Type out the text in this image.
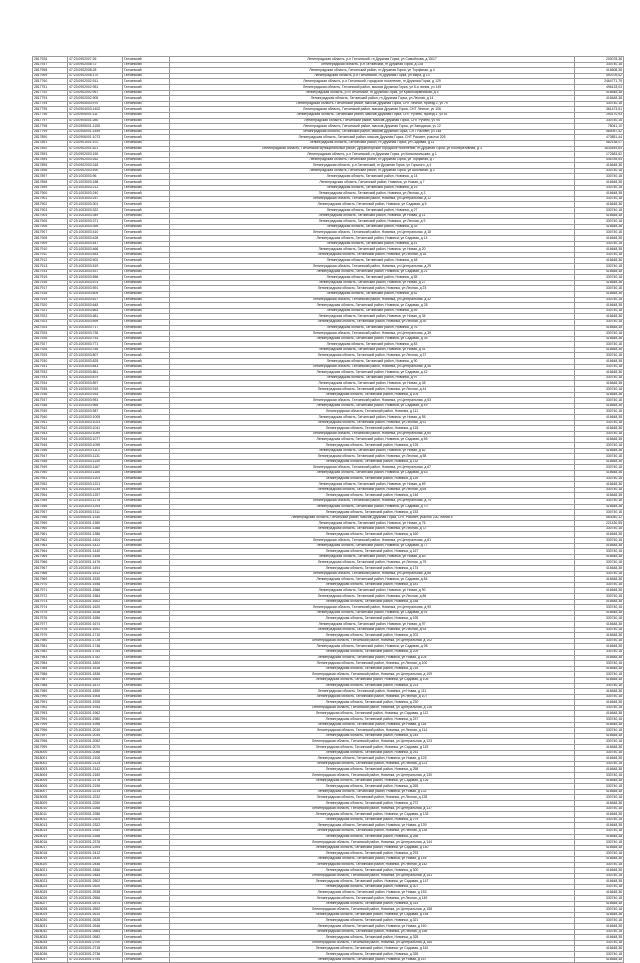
2817926	47:23:0902007:26	Гатчинский	Ленинградская область, р-н Гатчинский, гп Дружная Горка, ул Самойлова, д 15/17	200078,38
2817937	47:23:0902008:72	Гатчинский	Ленинградская область, р-н Гатчинский, гп Дружная Горка, д 228	330740,18
2817998	47:23:0902008:28	Гатчинский	Ленинградская область, Гатчинский район, гп Дружная Горка, ул Торфяная, д 4	416608,38
2817999	47:23:0902008:170	Гатчинский	Ленинградская область, р-н Гатчинский, гп Дружная Горка, ул Мира, д 10	490709,02
2817760	47:23:0902002:911	Гатчинский	Ленинградская область, р-н Гатчинский, городское поселение, гп Дружная Горка, д 129	2464771,79
2817751	47:23:0902002:951	Гатчинский	Ленинградская область, Гатчинский район, массив Дружная Горка, ул 6-я линия, уч 149	496133,03
2817792	47:23:0902002:957	Гатчинский	Ленинградская область, р-н Гатчинский, гп Дружная Горка, ул Красноармейская, д 5	416648,38
2817793	47:23:0902002:905	Гатчинский	Ленинградская область, Гатчинский район, гп Дружная Горка, ул Лесная, д 14	416648,38
2817794	47:23:0904003:970	Гатчинский	Ленинградская область, Гатчинский район, массив Дружная Горка, СНТ Лесное, проезд 2, уч 79	330740,18
2817795	47:23:0904003:1402	Гатчинский	Ленинградская область, Гатчинский район, массив Дружная Горка, СНТ Лесное, уч 106	361473,51
2817796	47:23:0905001:111	Гатчинский	Ленинградская область, Гатчинский район, массив Дружная Горка, СНТ Ручеек, проезд 1, уч 51	290170,93
2817797	47:23:0905001:280	Гатчинский	Ленинградская область, Гатчинский район, массив Дружная Горка, СНТ Ручеек, уч 94	330740,18
2817798	47:23:0905001:1155	Гатчинский	Ленинградская область, Гатчинский район, массив Дружная Горка, ул Заводская, уч 12	78041,10
2817799	47:23:0906001:1459	Гатчинский	Ленинградская область, Гатчинский район, массив Дружная Горка, СНТ Рассвет, уч 148	584057,42
2817890	47:23:0906001:1073	Гатчинский	Ленинградская область, Гатчинский район, массив Дружная Горка, СНТ Рассвет, участок 205	470851,44
2817891	47:23:0901001:570	Гатчинский	Ленинградская область, Гатчинский район, гп Дружная Горка, ул Садовая, д 11	582138,07
2817892	47:23:0902001:621	Гатчинский	Ленинградская область, Гатчинский муниципальный район, Дружногорское городское поселение, гп Дружная Горка, ул Кооперативная, д 3	1630449,64
2817893	47:23:0902003:150	Гатчинский	Ленинградская область, р-н Гатчинский, гп Дружная Горка, ул Комсомольская, д 1	172683,82
2817894	47:23:0902003:262	Гатчинский	Ленинградская область, Гатчинский район, гп Дружная Горка, ул Торфяная, д 7	445789,54
2817895	47:23:0902003:318	Гатчинский	Ленинградская область, р-н Гатчинский, гп Дружная Горка, ул Горького, д 4	416648,38
2817896	47:23:0902003:490	Гатчинский	Ленинградская область, Гатчинский район, гп Дружная Горка, ул Школьная, д 2	330740,18
2817897	47:23:1003003:96	Гатчинский	Ленинградская область, Гатчинский район, Новинка, д 14	330740,18
2817898	47:23:1003003:188	Гатчинский	Ленинградская область, Гатчинский район, Новинка, ул Новая, д 7	416648,38
2817899	47:23:1003003:212	Гатчинский	Ленинградская область, Гатчинский район, Новинка, д 19	330740,18
2817900	47:23:1003003:240	Гатчинский	Ленинградская область, Гатчинский район, Новинка, ул Лесная, д 3	416648,38
2817901	47:23:1003003:257	Гатчинский	Ленинградская область, Гатчинский район, Новинка, ул Центральная, д 12	330740,18
2817902	47:23:1003003:301	Гатчинский	Ленинградская область, Гатчинский район, Новинка, ул Садовая, д 5	416648,38
2817903	47:23:1003003:322	Гатчинский	Ленинградская область, Гатчинский район, Новинка, д 27	330740,18
2817904	47:23:1003003:349	Гатчинский	Ленинградская область, Гатчинский район, Новинка, ул Новая, д 11	416648,38
2817905	47:23:1003003:371	Гатчинский	Ленинградская область, Гатчинский район, Новинка, ул Лесная, д 9	330740,18
2817906	47:23:1003003:395	Гатчинский	Ленинградская область, Гатчинский район, Новинка, д 33	416648,38
2817907	47:23:1003003:410	Гатчинский	Ленинградская область, Гатчинский район, Новинка, ул Центральная, д 18	330740,18
2817908	47:23:1003003:428	Гатчинский	Ленинградская область, Гатчинский район, Новинка, ул Садовая, д 14	416648,38
2817909	47:23:1003003:447	Гатчинский	Ленинградская область, Гатчинский район, Новинка, д 41	330740,18
2817910	47:23:1003003:466	Гатчинский	Ленинградская область, Гатчинский район, Новинка, ул Новая, д 20	416648,38
2817911	47:23:1003003:483	Гатчинский	Ленинградская область, Гатчинский район, Новинка, ул Лесная, д 16	330740,18
2817912	47:23:1003003:502	Гатчинский	Ленинградская область, Гатчинский район, Новинка, д 48	416648,38
2817913	47:23:1003003:519	Гатчинский	Ленинградская область, Гатчинский район, Новинка, ул Центральная, д 25	330740,18
2817914	47:23:1003003:537	Гатчинский	Ленинградская область, Гатчинский район, Новинка, ул Садовая, д 21	416648,38
2817915	47:23:1003003:556	Гатчинский	Ленинградская область, Гатчинский район, Новинка, д 55	330740,18
2817916	47:23:1003003:574	Гатчинский	Ленинградская область, Гатчинский район, Новинка, ул Новая, д 27	416648,38
2817917	47:23:1003003:591	Гатчинский	Ленинградская область, Гатчинский район, Новинка, ул Лесная, д 23	330740,18
2817918	47:23:1003003:609	Гатчинский	Ленинградская область, Гатчинский район, Новинка, д 62	416648,38
2817919	47:23:1003003:627	Гатчинский	Ленинградская область, Гатчинский район, Новинка, ул Центральная, д 32	330740,18
2817920	47:23:1003003:645	Гатчинский	Ленинградская область, Гатчинский район, Новинка, ул Садовая, д 28	416648,38
2817921	47:23:1003003:663	Гатчинский	Ленинградская область, Гатчинский район, Новинка, д 69	330740,18
2817922	47:23:1003003:681	Гатчинский	Ленинградская область, Гатчинский район, Новинка, ул Новая, д 34	416648,38
2817923	47:23:1003003:699	Гатчинский	Ленинградская область, Гатчинский район, Новинка, ул Лесная, д 30	330740,18
2817924	47:23:1003003:717	Гатчинский	Ленинградская область, Гатчинский район, Новинка, д 76	416648,38
2817925	47:23:1003003:735	Гатчинский	Ленинградская область, Гатчинский район, Новинка, ул Центральная, д 39	330740,18
2817926	47:23:1003003:753	Гатчинский	Ленинградская область, Гатчинский район, Новинка, ул Садовая, д 35	416648,38
2817927	47:23:1003003:771	Гатчинский	Ленинградская область, Гатчинский район, Новинка, д 83	330740,18
2817928	47:23:1003003:789	Гатчинский	Ленинградская область, Гатчинский район, Новинка, ул Новая, д 41	416648,38
2817929	47:23:1003003:807	Гатчинский	Ленинградская область, Гатчинский район, Новинка, ул Лесная, д 37	330740,18
2817930	47:23:1003003:825	Гатчинский	Ленинградская область, Гатчинский район, Новинка, д 90	416648,38
2817931	47:23:1003003:843	Гатчинский	Ленинградская область, Гатчинский район, Новинка, ул Центральная, д 46	330740,18
2817932	47:23:1003003:861	Гатчинский	Ленинградская область, Гатчинский район, Новинка, ул Садовая, д 42	416648,38
2817933	47:23:1003003:879	Гатчинский	Ленинградская область, Гатчинский район, Новинка, д 97	330740,18
2817934	47:23:1003003:897	Гатчинский	Ленинградская область, Гатчинский район, Новинка, ул Новая, д 48	416648,38
2817935	47:23:1003003:915	Гатчинский	Ленинградская область, Гатчинский район, Новинка, ул Лесная, д 44	330740,18
2817936	47:23:1003003:933	Гатчинский	Ленинградская область, Гатчинский район, Новинка, д 104	416648,38
2817937	47:23:1003003:951	Гатчинский	Ленинградская область, Гатчинский район, Новинка, ул Центральная, д 53	330740,18
2817938	47:23:1003003:969	Гатчинский	Ленинградская область, Гатчинский район, Новинка, ул Садовая, д 49	416648,38
2817939	47:23:1003003:987	Гатчинский	Ленинградская область, Гатчинский район, Новинка, д 111	330740,18
2817940	47:23:1003003:1005	Гатчинский	Ленинградская область, Гатчинский район, Новинка, ул Новая, д 55	416648,38
2817941	47:23:1003003:1023	Гатчинский	Ленинградская область, Гатчинский район, Новинка, ул Лесная, д 51	330740,18
2817942	47:23:1003003:1041	Гатчинский	Ленинградская область, Гатчинский район, Новинка, д 118	416648,38
2817943	47:23:1003003:1059	Гатчинский	Ленинградская область, Гатчинский район, Новинка, ул Центральная, д 60	330740,18
2817944	47:23:1003003:1077	Гатчинский	Ленинградская область, Гатчинский район, Новинка, ул Садовая, д 56	416648,38
2817945	47:23:1003003:1095	Гатчинский	Ленинградская область, Гатчинский район, Новинка, д 125	330740,18
2817946	47:23:1003003:1113	Гатчинский	Ленинградская область, Гатчинский район, Новинка, ул Новая, д 62	416648,38
2817947	47:23:1003003:1131	Гатчинский	Ленинградская область, Гатчинский район, Новинка, ул Лесная, д 58	330740,18
2817948	47:23:1003003:1149	Гатчинский	Ленинградская область, Гатчинский район, Новинка, д 132	416648,38
2817949	47:23:1003003:1167	Гатчинский	Ленинградская область, Гатчинский район, Новинка, ул Центральная, д 67	330740,18
2817950	47:23:1003003:1185	Гатчинский	Ленинградская область, Гатчинский район, Новинка, ул Садовая, д 63	416648,38
2817951	47:23:1003003:1203	Гатчинский	Ленинградская область, Гатчинский район, Новинка, д 139	330740,18
2817952	47:23:1003003:1221	Гатчинский	Ленинградская область, Гатчинский район, Новинка, ул Новая, д 69	416648,38
2817953	47:23:1003003:1239	Гатчинский	Ленинградская область, Гатчинский район, Новинка, ул Лесная, д 65	330740,18
2817954	47:23:1003003:1257	Гатчинский	Ленинградская область, Гатчинский район, Новинка, д 146	416648,38
2817955	47:23:1003003:1275	Гатчинский	Ленинградская область, Гатчинский район, Новинка, ул Центральная, д 74	330740,18
2817956	47:23:1003003:1293	Гатчинский	Ленинградская область, Гатчинский район, Новинка, ул Садовая, д 70	416648,38
2817957	47:23:1003003:1311	Гатчинский	Ленинградская область, Гатчинский район, Новинка, д 153	330740,18
2817958	47:23:0906001:1330	Гатчинский	Ленинградская область, Гатчинский район, массив Дружная Горка, СНТ Рассвет, участок 230, линия 5	563040,12
2817959	47:23:1003001:1350	Гатчинский	Ленинградская область, Гатчинский район, Новинка, ул Новая, д 76	221430,55
2817960	47:23:1003001:1368	Гатчинский	Ленинградская область, Гатчинский район, Новинка, ул Лесная, д 72	330740,18
2817961	47:23:1003001:1386	Гатчинский	Ленинградская область, Гатчинский район, Новинка, д 160	416648,38
2817962	47:23:1003001:1404	Гатчинский	Ленинградская область, Гатчинский район, Новинка, ул Центральная, д 81	330740,18
2817963	47:23:1003001:1422	Гатчинский	Ленинградская область, Гатчинский район, Новинка, ул Садовая, д 77	416648,38
2817964	47:23:1003001:1440	Гатчинский	Ленинградская область, Гатчинский район, Новинка, д 167	330740,18
2817965	47:23:1003001:1458	Гатчинский	Ленинградская область, Гатчинский район, Новинка, ул Новая, д 83	416648,38
2817966	47:23:1003001:1476	Гатчинский	Ленинградская область, Гатчинский район, Новинка, ул Лесная, д 79	330740,18
2817967	47:23:1003001:1494	Гатчинский	Ленинградская область, Гатчинский район, Новинка, д 174	416648,38
2817968	47:23:1003001:1512	Гатчинский	Ленинградская область, Гатчинский район, Новинка, ул Центральная, д 88	330740,18
2817969	47:23:1003001:1530	Гатчинский	Ленинградская область, Гатчинский район, Новинка, ул Садовая, д 84	416648,38
2817970	47:23:1003001:1548	Гатчинский	Ленинградская область, Гатчинский район, Новинка, д 181	330740,18
2817971	47:23:1003001:1566	Гатчинский	Ленинградская область, Гатчинский район, Новинка, ул Новая, д 90	416648,38
2817972	47:23:1003001:1584	Гатчинский	Ленинградская область, Гатчинский район, Новинка, ул Лесная, д 86	330740,18
2817973	47:23:1003001:1602	Гатчинский	Ленинградская область, Гатчинский район, Новинка, д 188	416648,38
2817974	47:23:1003001:1620	Гатчинский	Ленинградская область, Гатчинский район, Новинка, ул Центральная, д 95	330740,18
2817975	47:23:1003001:1638	Гатчинский	Ленинградская область, Гатчинский район, Новинка, ул Садовая, д 91	416648,38
2817976	47:23:1003001:1656	Гатчинский	Ленинградская область, Гатчинский район, Новинка, д 195	330740,18
2817977	47:23:1003001:1674	Гатчинский	Ленинградская область, Гатчинский район, Новинка, ул Новая, д 97	416648,38
2817978	47:23:1003001:1692	Гатчинский	Ленинградская область, Гатчинский район, Новинка, ул Лесная, д 93	330740,18
2817979	47:23:1003001:1710	Гатчинский	Ленинградская область, Гатчинский район, Новинка, д 202	416648,38
2817980	47:23:1003001:1728	Гатчинский	Ленинградская область, Гатчинский район, Новинка, ул Центральная, д 102	330740,18
2817981	47:23:1003001:1746	Гатчинский	Ленинградская область, Гатчинский район, Новинка, ул Садовая, д 98	416648,38
2817982	47:23:1003001:1764	Гатчинский	Ленинградская область, Гатчинский район, Новинка, д 209	330740,18
2817983	47:23:1003001:1782	Гатчинский	Ленинградская область, Гатчинский район, Новинка, ул Новая, д 104	416648,38
2817984	47:23:1003001:1800	Гатчинский	Ленинградская область, Гатчинский район, Новинка, ул Лесная, д 100	330740,18
2817985	47:23:1003001:1818	Гатчинский	Ленинградская область, Гатчинский район, Новинка, д 216	416648,38
2817986	47:23:1003001:1836	Гатчинский	Ленинградская область, Гатчинский район, Новинка, ул Центральная, д 109	330740,18
2817987	47:23:1003001:1854	Гатчинский	Ленинградская область, Гатчинский район, Новинка, ул Садовая, д 105	416648,38
2817988	47:23:1003001:1872	Гатчинский	Ленинградская область, Гатчинский район, Новинка, д 223	330740,18
2817989	47:23:1003001:1890	Гатчинский	Ленинградская область, Гатчинский район, Новинка, ул Новая, д 111	416648,38
2817990	47:23:1003001:1908	Гатчинский	Ленинградская область, Гатчинский район, Новинка, ул Лесная, д 107	330740,18
2817991	47:23:1003001:1926	Гатчинский	Ленинградская область, Гатчинский район, Новинка, д 230	416648,38
2817992	47:23:1003001:1944	Гатчинский	Ленинградская область, Гатчинский район, Новинка, ул Центральная, д 116	330740,18
2817993	47:23:1003001:1962	Гатчинский	Ленинградская область, Гатчинский район, Новинка, ул Садовая, д 112	416648,38
2817994	47:23:1003001:1980	Гатчинский	Ленинградская область, Гатчинский район, Новинка, д 237	330740,18
2817995	47:23:1003001:1998	Гатчинский	Ленинградская область, Гатчинский район, Новинка, ул Новая, д 118	416648,38
2817996	47:23:1003001:2016	Гатчинский	Ленинградская область, Гатчинский район, Новинка, ул Лесная, д 114	330740,18
2817997	47:23:1003001:2034	Гатчинский	Ленинградская область, Гатчинский район, Новинка, д 244	416648,38
2817998	47:23:1003001:2052	Гатчинский	Ленинградская область, Гатчинский район, Новинка, ул Центральная, д 123	330740,18
2817999	47:23:1003001:2070	Гатчинский	Ленинградская область, Гатчинский район, Новинка, ул Садовая, д 119	416648,38
2818000	47:23:1003001:2088	Гатчинский	Ленинградская область, Гатчинский район, Новинка, д 251	330740,18
2818001	47:23:1003001:2106	Гатчинский	Ленинградская область, Гатчинский район, Новинка, ул Новая, д 125	416648,38
2818002	47:23:1003001:2124	Гатчинский	Ленинградская область, Гатчинский район, Новинка, ул Лесная, д 121	330740,18
2818003	47:23:1003001:2142	Гатчинский	Ленинградская область, Гатчинский район, Новинка, д 258	416648,38
2818004	47:23:1003001:2160	Гатчинский	Ленинградская область, Гатчинский район, Новинка, ул Центральная, д 130	330740,18
2818005	47:23:1003001:2178	Гатчинский	Ленинградская область, Гатчинский район, Новинка, ул Садовая, д 126	416648,38
2818006	47:23:1003001:2196	Гатчинский	Ленинградская область, Гатчинский район, Новинка, д 265	330740,18
2818007	47:23:1003001:2214	Гатчинский	Ленинградская область, Гатчинский район, Новинка, ул Новая, д 132	416648,38
2818008	47:23:1003001:2232	Гатчинский	Ленинградская область, Гатчинский район, Новинка, ул Лесная, д 128	330740,18
2818009	47:23:1003001:2250	Гатчинский	Ленинградская область, Гатчинский район, Новинка, д 272	416648,38
2818010	47:23:1003001:2268	Гатчинский	Ленинградская область, Гатчинский район, Новинка, ул Центральная, д 137	330740,18
2818011	47:23:1003001:2286	Гатчинский	Ленинградская область, Гатчинский район, Новинка, ул Садовая, д 133	416648,38
2818012	47:23:1003001:2304	Гатчинский	Ленинградская область, Гатчинский район, Новинка, д 279	330740,18
2818013	47:23:1003001:2322	Гатчинский	Ленинградская область, Гатчинский район, Новинка, ул Новая, д 139	416648,38
2818014	47:23:1003001:2340	Гатчинский	Ленинградская область, Гатчинский район, Новинка, ул Лесная, д 135	330740,18
2818015	47:23:1003001:2358	Гатчинский	Ленинградская область, Гатчинский район, Новинка, д 286	416648,38
2818016	47:23:1003001:2376	Гатчинский	Ленинградская область, Гатчинский район, Новинка, ул Центральная, д 144	330740,18
2818017	47:23:1003001:2394	Гатчинский	Ленинградская область, Гатчинский район, Новинка, ул Садовая, д 140	416648,38
2818018	47:23:1003001:2412	Гатчинский	Ленинградская область, Гатчинский район, Новинка, д 293	330740,18
2818019	47:23:1003001:2430	Гатчинский	Ленинградская область, Гатчинский район, Новинка, ул Новая, д 146	416648,38
2818020	47:23:1003001:2448	Гатчинский	Ленинградская область, Гатчинский район, Новинка, ул Лесная, д 142	330740,18
2818021	47:23:1003001:2466	Гатчинский	Ленинградская область, Гатчинский район, Новинка, д 300	416648,38
2818022	47:23:1003001:2484	Гатчинский	Ленинградская область, Гатчинский район, Новинка, ул Центральная, д 151	330740,18
2818023	47:23:1003001:2502	Гатчинский	Ленинградская область, Гатчинский район, Новинка, ул Садовая, д 147	416648,38
2818024	47:23:1003001:2520	Гатчинский	Ленинградская область, Гатчинский район, Новинка, д 307	330740,18
2818025	47:23:1003001:2538	Гатчинский	Ленинградская область, Гатчинский район, Новинка, ул Новая, д 153	416648,38
2818026	47:23:1003001:2556	Гатчинский	Ленинградская область, Гатчинский район, Новинка, ул Лесная, д 149	330740,18
2818027	47:23:1003001:2574	Гатчинский	Ленинградская область, Гатчинский район, Новинка, д 314	416648,38
2818028	47:23:1003001:2592	Гатчинский	Ленинградская область, Гатчинский район, Новинка, ул Центральная, д 158	330740,18
2818029	47:23:1003001:2610	Гатчинский	Ленинградская область, Гатчинский район, Новинка, ул Садовая, д 154	416648,38
2818030	47:23:1003001:2628	Гатчинский	Ленинградская область, Гатчинский район, Новинка, д 321	330740,18
2818031	47:23:1003001:2646	Гатчинский	Ленинградская область, Гатчинский район, Новинка, ул Новая, д 160	416648,38
2818032	47:23:1003001:2664	Гатчинский	Ленинградская область, Гатчинский район, Новинка, ул Лесная, д 156	330740,18
2818033	47:23:1003001:2682	Гатчинский	Ленинградская область, Гатчинский район, Новинка, д 328	416648,38
2818034	47:23:1003001:2700	Гатчинский	Ленинградская область, Гатчинский район, Новинка, ул Центральная, д 165	330740,18
2818035	47:23:1003001:2718	Гатчинский	Ленинградская область, Гатчинский район, Новинка, ул Садовая, д 161	416648,38
2818036	47:23:1003001:2736	Гатчинский	Ленинградская область, Гатчинский район, Новинка, д 335	330740,18
2818037	47:23:1003001:2754	Гатчинский	Ленинградская область, Гатчинский район, Новинка, ул Новая, д 167	416648,38
